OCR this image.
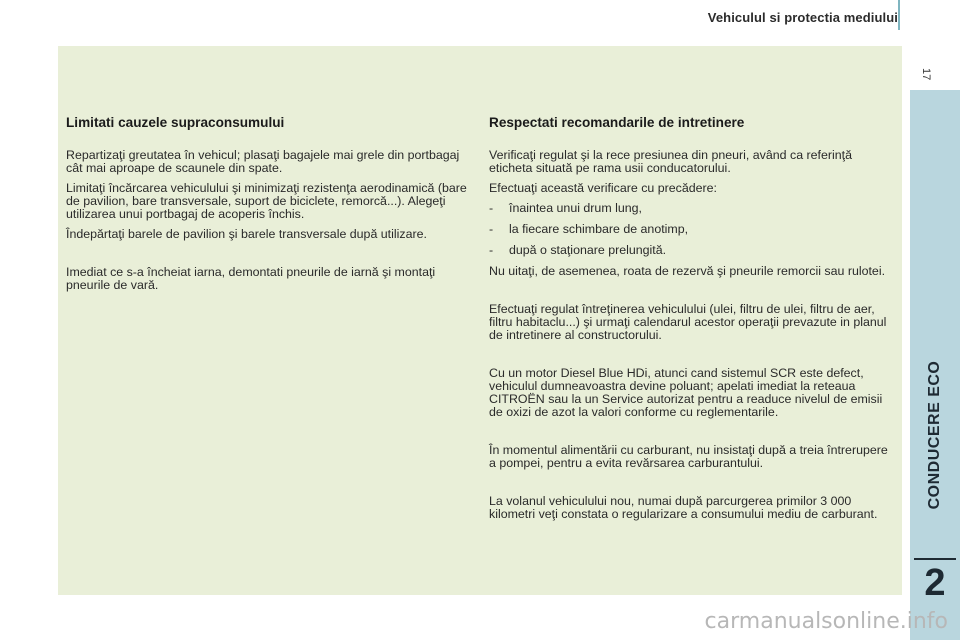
Vehiculul si protectia mediului
17
CONDUCERE ECO
2
Limitati cauzele supraconsumului

Repartizaţi greutatea în vehicul; plasaţi bagajele mai grele din portbagaj cât mai aproape de scaunele din spate.

Limitaţi încărcarea vehiculului şi minimizaţi rezistenţa aerodinamică (bare de pavilion, bare transversale, suport de biciclete, remorcă...). Alegeţi utilizarea unui portbagaj de acoperis închis.

Îndepărtaţi barele de pavilion şi barele transversale după utilizare.

Imediat ce s-a încheiat iarna, demontati pneurile de iarnă şi montaţi pneurile de vară.

Respectati recomandarile de intretinere

Verificaţi regulat şi la rece presiunea din pneuri, având ca referinţă eticheta situată pe rama usii conducatorului.

Efectuaţi această verificare cu precădere:

-	înaintea unui drum lung,
-	la fiecare schimbare de anotimp,
-	după o staţionare prelungită.

Nu uitaţi, de asemenea, roata de rezervă şi pneurile remorcii sau rulotei.

Efectuaţi regulat întreţinerea vehiculului (ulei, filtru de ulei, filtru de aer, filtru habitaclu...) şi urmaţi calendarul acestor operaţii prevazute in planul de intretinere al constructorului.

Cu un motor Diesel Blue HDi, atunci cand sistemul SCR este defect, vehiculul dumneavoastra devine poluant; apelati imediat la reteaua CITROËN sau la un Service autorizat pentru a readuce nivelul de emisii de oxizi de azot la valori conforme cu reglementarile.

În momentul alimentării cu carburant, nu insistaţi după a treia întrerupere a pompei, pentru a evita revărsarea carburantului.

La volanul vehiculului nou, numai după parcurgerea primilor 3 000 kilometri veţi constata o regularizare a consumului mediu de carburant.

carmanualsonline.info
